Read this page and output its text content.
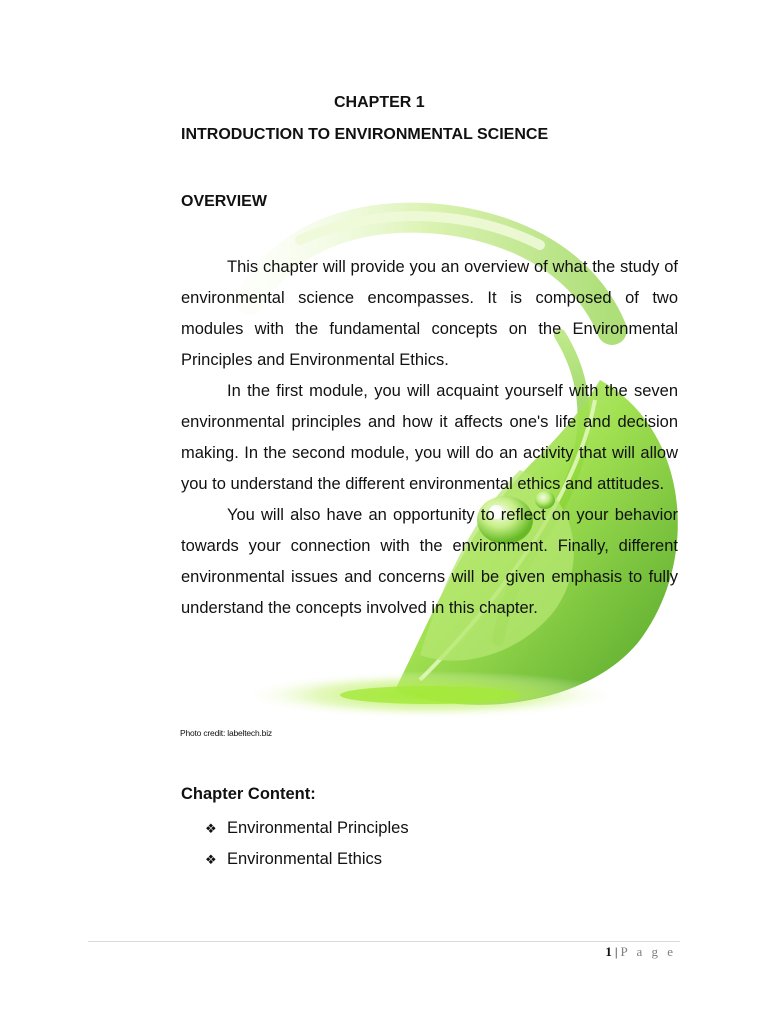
CHAPTER 1
INTRODUCTION TO ENVIRONMENTAL SCIENCE
OVERVIEW

This chapter will provide you an overview of what the study of environmental science encompasses. It is composed of two modules with the fundamental concepts on the Environmental Principles and Environmental Ethics.

In the first module, you will acquaint yourself with the seven environmental principles and how it affects one's life and decision making. In the second module, you will do an activity that will allow you to understand the different environmental ethics and attitudes.

You will also have an opportunity to reflect on your behavior towards your connection with the environment. Finally, different environmental issues and concerns will be given emphasis to fully understand the concepts involved in this chapter.

Photo credit: labeltech.biz
Chapter Content:
❖ Environmental Principles
❖ Environmental Ethics
1 | P a g e
